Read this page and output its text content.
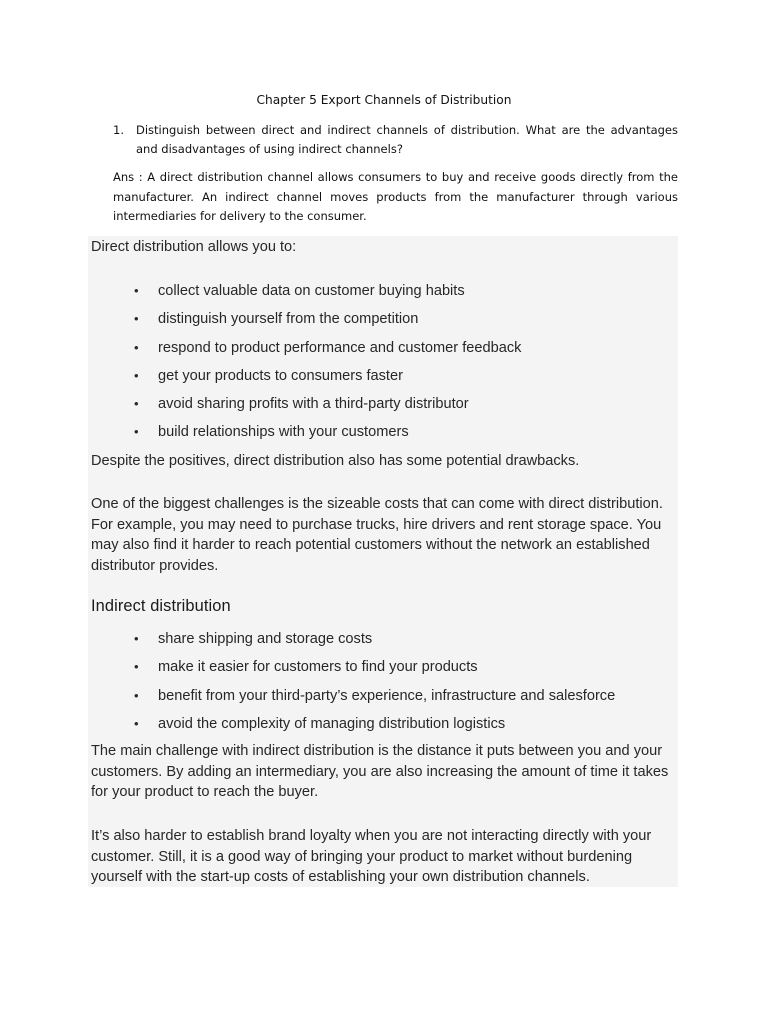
Chapter 5 Export Channels of Distribution
1. Distinguish between direct and indirect channels of distribution. What are the advantages and disadvantages of using indirect channels?
Ans : A direct distribution channel allows consumers to buy and receive goods directly from the manufacturer. An indirect channel moves products from the manufacturer through various intermediaries for delivery to the consumer.

Direct distribution allows you to:

• collect valuable data on customer buying habits
• distinguish yourself from the competition
• respond to product performance and customer feedback
• get your products to consumers faster
• avoid sharing profits with a third-party distributor
• build relationships with your customers

Despite the positives, direct distribution also has some potential drawbacks.

One of the biggest challenges is the sizeable costs that can come with direct distribution. For example, you may need to purchase trucks, hire drivers and rent storage space. You may also find it harder to reach potential customers without the network an established distributor provides.

Indirect distribution
• share shipping and storage costs
• make it easier for customers to find your products
• benefit from your third-party’s experience, infrastructure and salesforce
• avoid the complexity of managing distribution logistics

The main challenge with indirect distribution is the distance it puts between you and your customers. By adding an intermediary, you are also increasing the amount of time it takes for your product to reach the buyer.

It’s also harder to establish brand loyalty when you are not interacting directly with your customer. Still, it is a good way of bringing your product to market without burdening yourself with the start-up costs of establishing your own distribution channels.
